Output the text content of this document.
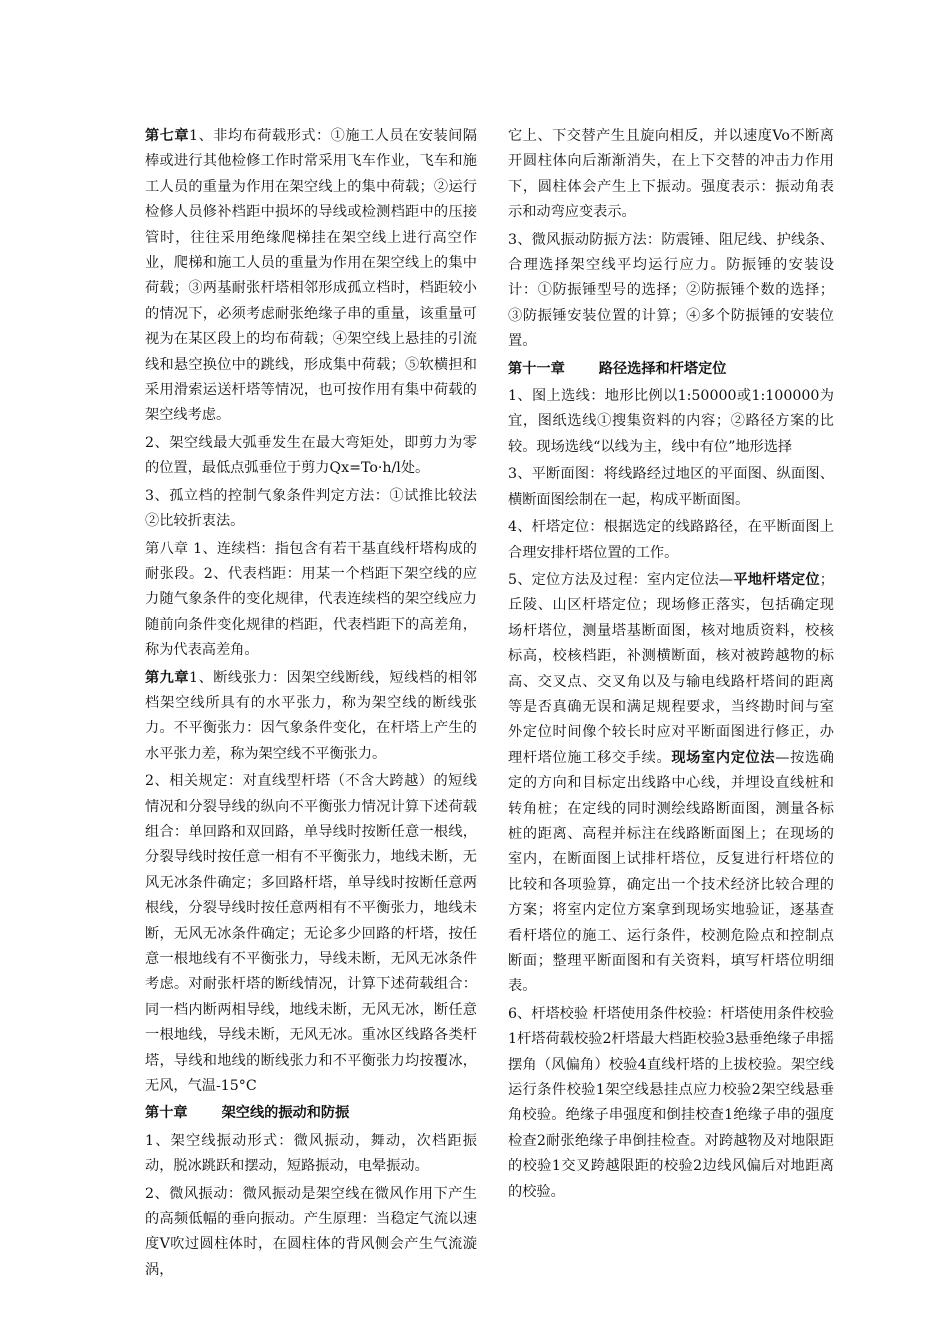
第七章1、非均布荷载形式：①施工人员在安装间隔棒或进行其他检修工作时常采用飞车作业，飞车和施工人员的重量为作用在架空线上的集中荷载；②运行检修人员修补档距中损坏的导线或检测档距中的压接管时，往往采用绝缘爬梯挂在架空线上进行高空作业，爬梯和施工人员的重量为作用在架空线上的集中荷载；③两基耐张杆塔相邻形成孤立档时，档距较小的情况下，必须考虑耐张绝缘子串的重量，该重量可视为在某区段上的均布荷载；④架空线上悬挂的引流线和悬空换位中的跳线，形成集中荷载；⑤软横担和采用滑索运送杆塔等情况，也可按作用有集中荷载的架空线考虑。

2、架空线最大弧垂发生在最大弯矩处，即剪力为零的位置，最低点弧垂位于剪力Qx=To·h/l处。

3、孤立档的控制气象条件判定方法：①试推比较法②比较折衷法。

第八章 1、连续档：指包含有若干基直线杆塔构成的耐张段。2、代表档距：用某一个档距下架空线的应力随气象条件的变化规律，代表连续档的架空线应力随前向条件变化规律的档距，代表档距下的高差角，称为代表高差角。

第九章1、断线张力：因架空线断线，短线档的相邻档架空线所具有的水平张力，称为架空线的断线张力。不平衡张力：因气象条件变化，在杆塔上产生的水平张力差，称为架空线不平衡张力。

2、相关规定：对直线型杆塔（不含大跨越）的短线情况和分裂导线的纵向不平衡张力情况计算下述荷载组合：单回路和双回路，单导线时按断任意一根线，分裂导线时按任意一相有不平衡张力，地线未断，无风无冰条件确定；多回路杆塔，单导线时按断任意两根线，分裂导线时按任意两相有不平衡张力，地线未断，无风无冰条件确定；无论多少回路的杆塔，按任意一根地线有不平衡张力，导线未断，无风无冰条件考虑。对耐张杆塔的断线情况，计算下述荷载组合：同一档内断两相导线，地线未断，无风无冰，断任意一根地线，导线未断，无风无冰。重冰区线路各类杆塔，导线和地线的断线张力和不平衡张力均按覆冰，无风，气温-15°C

第十章 架空线的振动和防振

1、架空线振动形式：微风振动，舞动，次档距振动，脱冰跳跃和摆动，短路振动，电晕振动。

2、微风振动：微风振动是架空线在微风作用下产生的高频低幅的垂向振动。产生原理：当稳定气流以速度V吹过圆柱体时，在圆柱体的背风侧会产生气流漩涡，

它上、下交替产生且旋向相反，并以速度Vo不断离开圆柱体向后渐渐消失，在上下交替的冲击力作用下，圆柱体会产生上下振动。强度表示：振动角表示和动弯应变表示。

3、微风振动防振方法：防震锤、阻尼线、护线条、合理选择架空线平均运行应力。防振锤的安装设计：①防振锤型号的选择；②防振锤个数的选择；③防振锤安装位置的计算；④多个防振锤的安装位置。

第十一章 路径选择和杆塔定位

1、图上选线：地形比例以1:50000或1:100000为宜，图纸选线①搜集资料的内容；②路径方案的比较。现场选线“以线为主，线中有位”地形选择

3、平断面图：将线路经过地区的平面图、纵面图、横断面图绘制在一起，构成平断面图。

4、杆塔定位：根据选定的线路路径，在平断面图上合理安排杆塔位置的工作。

5、定位方法及过程：室内定位法—平地杆塔定位；丘陵、山区杆塔定位；现场修正落实，包括确定现场杆塔位，测量塔基断面图，核对地质资料，校核标高，校核档距，补测横断面，核对被跨越物的标高、交叉点、交叉角以及与输电线路杆塔间的距离等是否真确无误和满足规程要求，当终勘时间与室外定位时间像个较长时应对平断面图进行修正，办理杆塔位施工移交手续。现场室内定位法—按选确定的方向和目标定出线路中心线，并埋设直线桩和转角桩；在定线的同时测绘线路断面图，测量各标桩的距离、高程并标注在线路断面图上；在现场的室内，在断面图上试排杆塔位，反复进行杆塔位的比较和各项验算，确定出一个技术经济比较合理的方案；将室内定位方案拿到现场实地验证，逐基查看杆塔位的施工、运行条件，校测危险点和控制点断面；整理平断面图和有关资料，填写杆塔位明细表。

6、杆塔校验 杆塔使用条件校验：杆塔使用条件校验1杆塔荷载校验2杆塔最大档距校验3悬垂绝缘子串摇摆角（风偏角）校验4直线杆塔的上拔校验。架空线运行条件校验1架空线悬挂点应力校验2架空线悬垂角校验。绝缘子串强度和倒挂校查1绝缘子串的强度检查2耐张绝缘子串倒挂检查。对跨越物及对地限距的校验1交叉跨越限距的校验2边线风偏后对地距离的校验。
